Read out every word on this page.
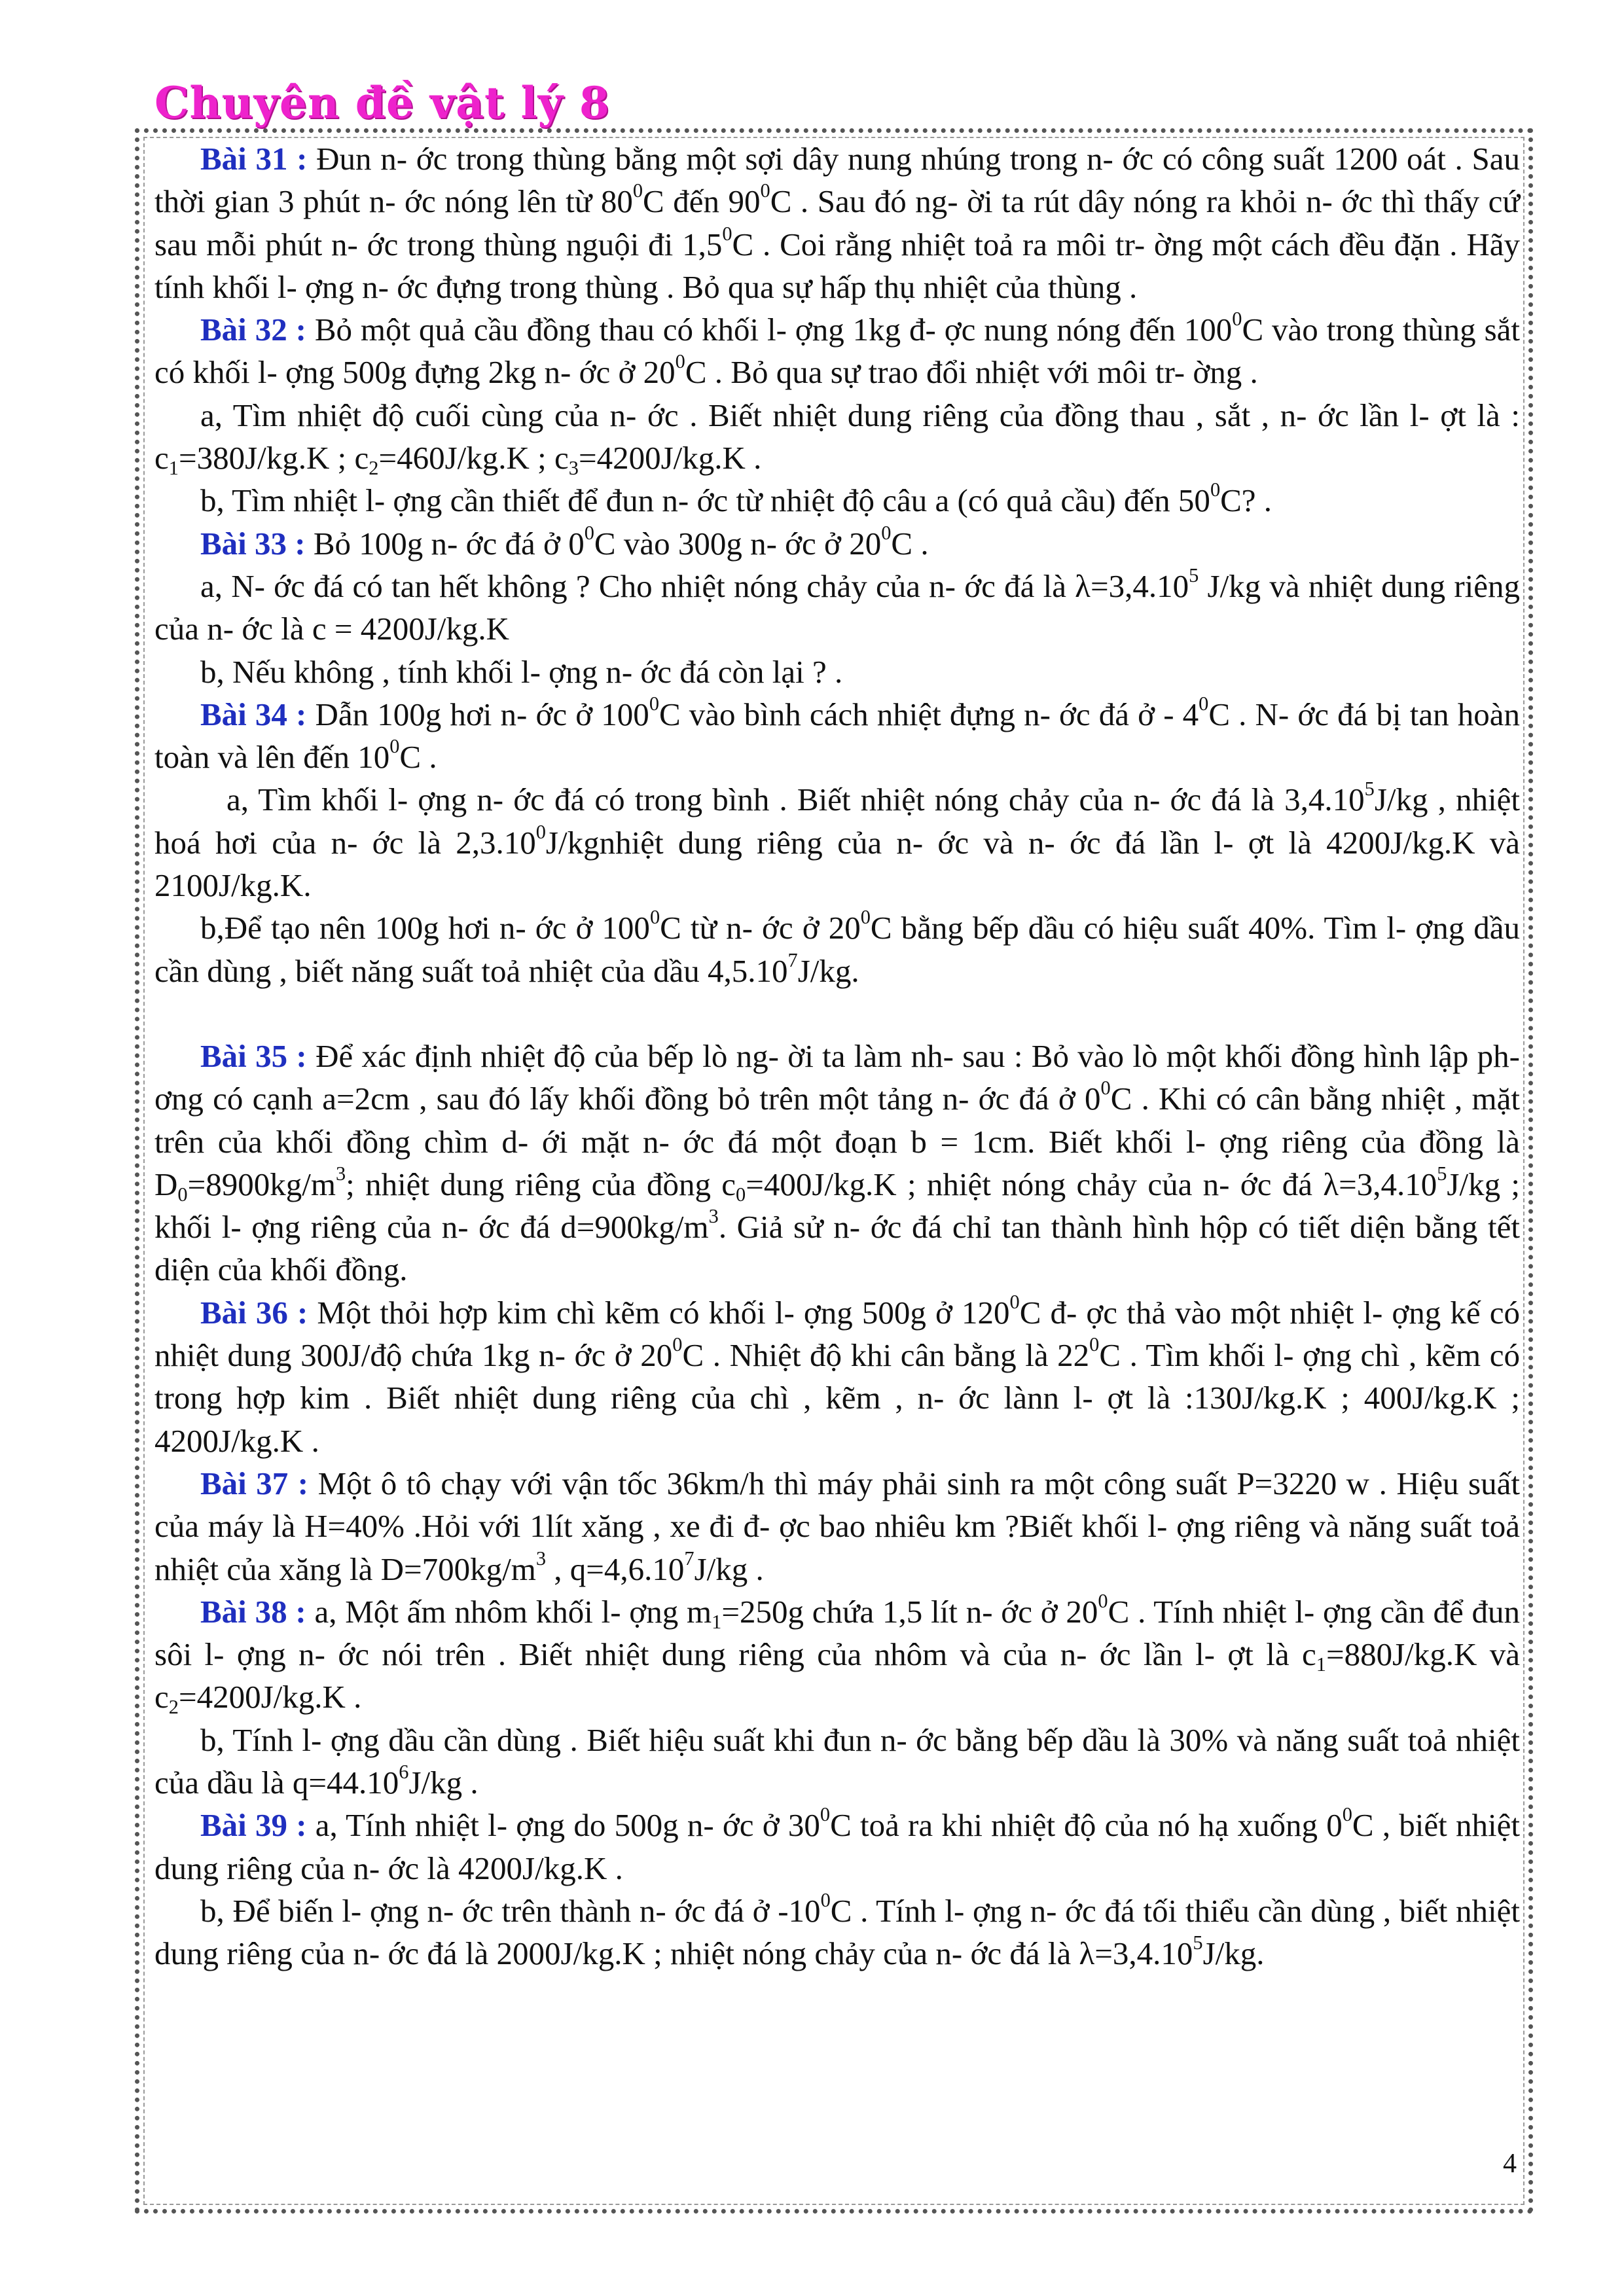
Chuyên đề vật lý 8

Bài 31 : Đun n- ớc trong thùng bằng một sợi dây nung nhúng trong n- ớc có công suất 1200 oát . Sau thời gian 3 phút n- ớc nóng lên từ $80^0C$ đến $90^0C$ . Sau đó ng- ời ta rút dây nóng ra khỏi n- ớc thì thấy cứ sau mỗi phút n- ớc trong thùng nguội đi $1,5^0C$ . Coi rằng nhiệt toả ra môi tr- ờng một cách đều đặn . Hãy tính khối l- ợng n- ớc đựng trong thùng . Bỏ qua sự hấp thụ nhiệt của thùng .

Bài 32 : Bỏ một quả cầu đồng thau có khối l- ợng 1kg đ- ợc nung nóng đến $100^0C$ vào trong thùng sắt có khối l- ợng 500g đựng 2kg n- ớc ở $20^0C$ . Bỏ qua sự trao đổi nhiệt với môi tr- ờng .

a, Tìm nhiệt độ cuối cùng của n- ớc . Biết nhiệt dung riêng của đồng thau , sắt , n- ớc lần l- ợt là : $c_1=380J/kg.K$ ; $c_2=460J/kg.K$ ; $c_3=4200J/kg.K$ .

b, Tìm nhiệt l- ợng cần thiết để đun n- ớc từ nhiệt độ câu a (có quả cầu) đến $50^0C$? .

Bài 33 : Bỏ 100g n- ớc đá ở $0^0C$ vào 300g n- ớc ở $20^0C$ .

a, N- ớc đá có tan hết không ? Cho nhiệt nóng chảy của n- ớc đá là $\lambda=3,4.10^5$ J/kg và nhiệt dung riêng của n- ớc là c = 4200J/kg.K

b, Nếu không , tính khối l- ợng n- ớc đá còn lại ? .

Bài 34 : Dẫn 100g hơi n- ớc ở $100^0C$ vào bình cách nhiệt đựng n- ớc đá ở - $4^0C$ . N- ớc đá bị tan hoàn toàn và lên đến $10^0C$ .

a, Tìm khối l- ợng n- ớc đá có trong bình . Biết nhiệt nóng chảy của n- ớc đá là 3,4.10$^5$J/kg , nhiệt hoá hơi của n- ớc là 2,3.10$^0$J/kgnhiệt dung riêng của n- ớc và n- ớc đá lần l- ợt là 4200J/kg.K và 2100J/kg.K.

b,Để tạo nên 100g hơi n- ớc ở $100^0C$ từ n- ớc ở $20^0C$ bằng bếp dầu có hiệu suất 40%. Tìm l- ợng dầu cần dùng , biết năng suất toả nhiệt của dầu 4,5.10$^7$J/kg.

Bài 35 : Để xác định nhiệt độ của bếp lò ng- ời ta làm nh- sau : Bỏ vào lò một khối đồng hình lập ph- ơng có cạnh a=2cm , sau đó lấy khối đồng bỏ trên một tảng n- ớc đá ở $0^0C$ . Khi có cân bằng nhiệt , mặt trên của khối đồng chìm d- ới mặt n- ớc đá một đoạn b = 1cm. Biết khối l- ợng riêng của đồng là $D_0=8900kg/m^3$; nhiệt dung riêng của đồng $c_0=400J/kg.K$ ; nhiệt nóng chảy của n- ớc đá $\lambda=3,4.10^5J/kg$ ; khối l- ợng riêng của n- ớc đá $d=900kg/m^3$. Giả sử n- ớc đá chỉ tan thành hình hộp có tiết diện bằng tết diện của khối đồng.

Bài 36 : Một thỏi hợp kim chì kẽm có khối l- ợng 500g ở $120^0C$ đ- ợc thả vào một nhiệt l- ợng kế có nhiệt dung 300J/độ chứa 1kg n- ớc ở $20^0C$ . Nhiệt độ khi cân bằng là $22^0C$ . Tìm khối l- ợng chì , kẽm có trong hợp kim . Biết nhiệt dung riêng của chì , kẽm , n- ớc lànn l- ợt là :130J/kg.K ; 400J/kg.K ; 4200J/kg.K .

Bài 37 : Một ô tô chạy với vận tốc 36km/h thì máy phải sinh ra một công suất P=3220 w . Hiệu suất của máy là H=40% .Hỏi với 1lít xăng , xe đi đ- ợc bao nhiêu km ?Biết khối l- ợng riêng và năng suất toả nhiệt của xăng là $D=700kg/m^3$ , $q=4,6.10^7J/kg$ .

Bài 38 : a, Một ấm nhôm khối l- ợng $m_1=250g$ chứa 1,5 lít n- ớc ở $20^0C$ . Tính nhiệt l- ợng cần để đun sôi l- ợng n- ớc nói trên . Biết nhiệt dung riêng của nhôm và của n- ớc lần l- ợt là $c_1=880J/kg.K$ và $c_2=4200J/kg.K$ .

b, Tính l- ợng dầu cần dùng . Biết hiệu suất khi đun n- ớc bằng bếp dầu là 30% và năng suất toả nhiệt của dầu là $q=44.10^6J/kg$ .

Bài 39 : a, Tính nhiệt l- ợng do 500g n- ớc ở $30^0C$ toả ra khi nhiệt độ của nó hạ xuống $0^0C$ , biết nhiệt dung riêng của n- ớc là 4200J/kg.K .

b, Để biến l- ợng n- ớc trên thành n- ớc đá ở $-10^0C$ . Tính l- ợng n- ớc đá tối thiểu cần dùng , biết nhiệt dung riêng của n- ớc đá là 2000J/kg.K ; nhiệt nóng chảy của n- ớc đá là $\lambda=3,4.10^5J/kg$.

4
